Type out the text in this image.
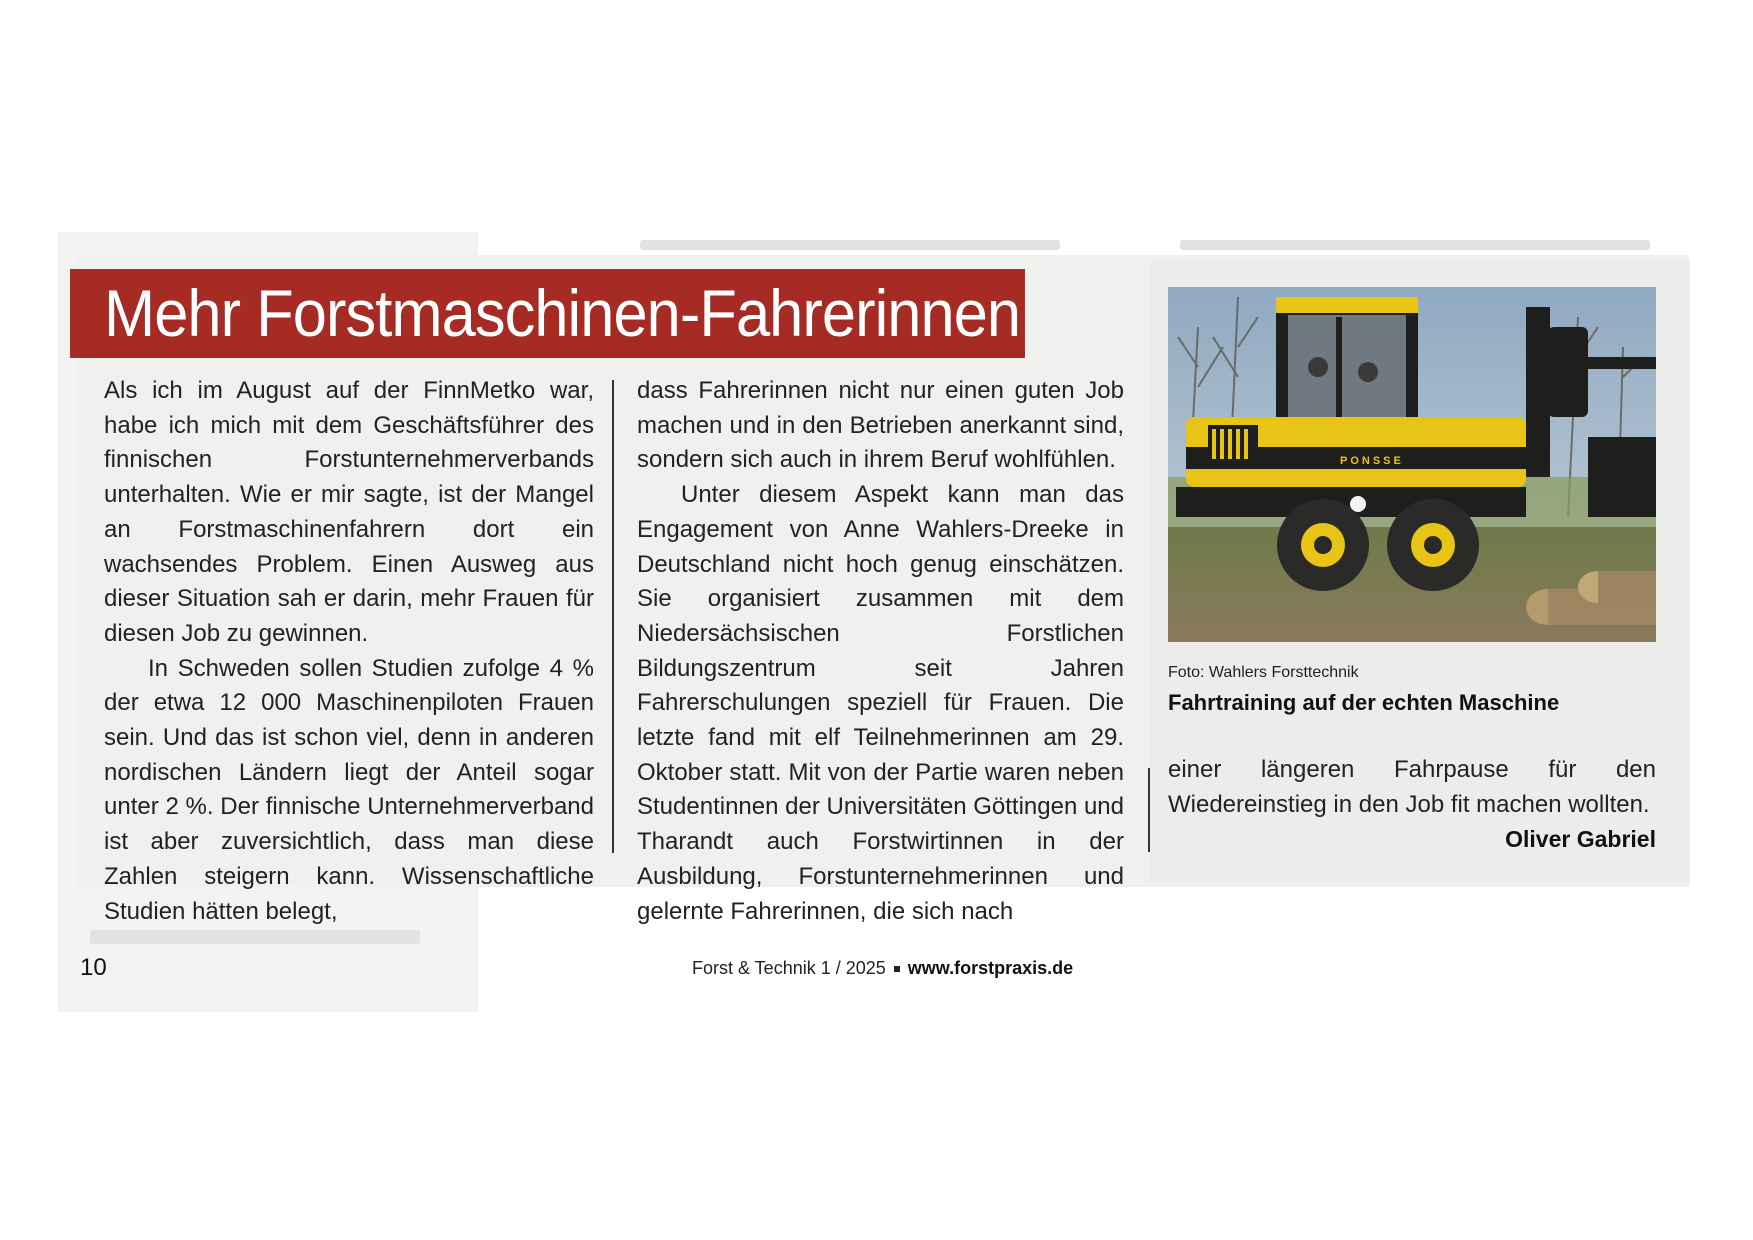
Mehr Forstmaschinen-Fahrerinnen

Als ich im August auf der FinnMetko war, habe ich mich mit dem Geschäftsführer des finnischen Forstunternehmerverbands unterhalten. Wie er mir sagte, ist der Mangel an Forstmaschinenfahrern dort ein wachsendes Problem. Einen Ausweg aus dieser Situation sah er darin, mehr Frauen für diesen Job zu gewinnen.

In Schweden sollen Studien zufolge 4 % der etwa 12 000 Maschinenpiloten Frauen sein. Und das ist schon viel, denn in anderen nordischen Ländern liegt der Anteil sogar unter 2 %. Der finnische Unternehmerverband ist aber zuversichtlich, dass man diese Zahlen steigern kann. Wissenschaftliche Studien hätten belegt,

dass Fahrerinnen nicht nur einen guten Job machen und in den Betrieben anerkannt sind, sondern sich auch in ihrem Beruf wohlfühlen.

Unter diesem Aspekt kann man das Engagement von Anne Wahlers-Dreeke in Deutschland nicht hoch genug einschätzen. Sie organisiert zusammen mit dem Niedersächsischen Forstlichen Bildungszentrum seit Jahren Fahrerschulungen speziell für Frauen. Die letzte fand mit elf Teilnehmerinnen am 29. Oktober statt. Mit von der Partie waren neben Studentinnen der Universitäten Göttingen und Tharandt auch Forstwirtinnen in der Ausbildung, Forstunternehmerinnen und gelernte Fahrerinnen, die sich nach

PONSSE
Foto: Wahlers Forsttechnik
Fahrtraining auf der echten Maschine

einer längeren Fahrpause für den Wiedereinstieg in den Job fit machen wollten.

Oliver Gabriel
10	Forst & Technik 1 / 2025 www.forstpraxis.de
